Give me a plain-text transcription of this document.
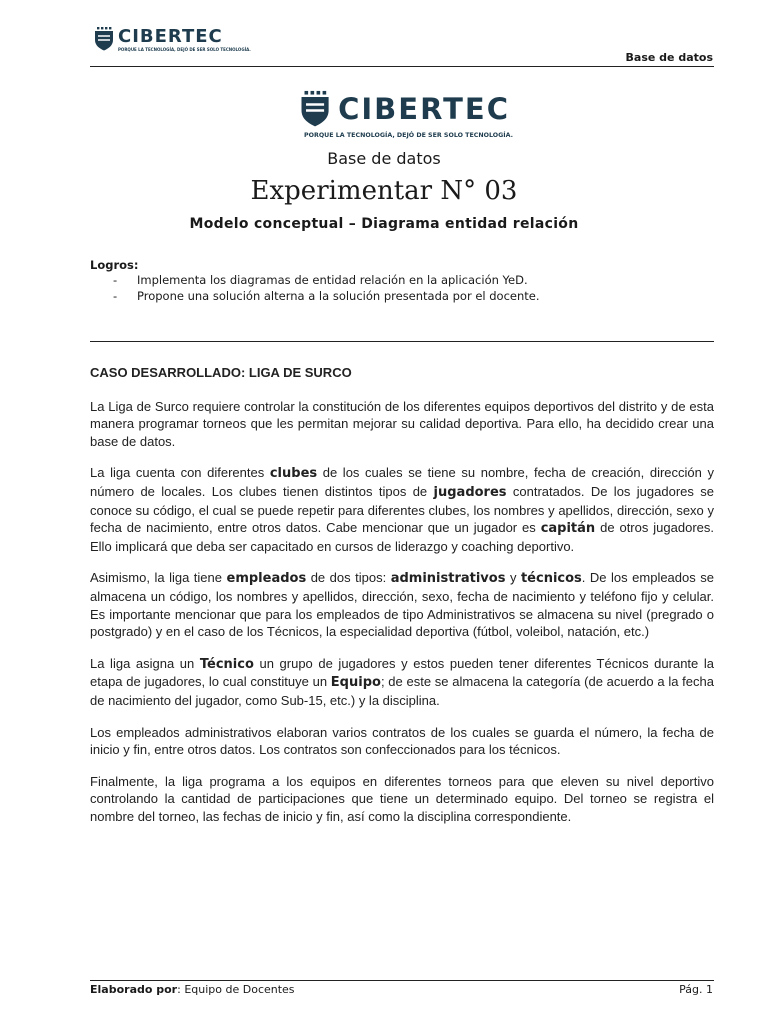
CIBERTEC
PORQUE LA TECNOLOGÍA, DEJÓ DE SER SOLO TECNOLOGÍA.
Base de datos
CIBERTEC
PORQUE LA TECNOLOGÍA, DEJÓ DE SER SOLO TECNOLOGÍA.
Base de datos
Experimentar N° 03
Modelo conceptual – Diagrama entidad relación
Logros:
- Implementa los diagramas de entidad relación en la aplicación YeD.
- Propone una solución alterna a la solución presentada por el docente.
CASO DESARROLLADO: LIGA DE SURCO

La Liga de Surco requiere controlar la constitución de los diferentes equipos deportivos del distrito y de esta manera programar torneos que les permitan mejorar su calidad deportiva. Para ello, ha decidido crear una base de datos.

La liga cuenta con diferentes clubes de los cuales se tiene su nombre, fecha de creación, dirección y número de locales. Los clubes tienen distintos tipos de jugadores contratados. De los jugadores se conoce su código, el cual se puede repetir para diferentes clubes, los nombres y apellidos, dirección, sexo y fecha de nacimiento, entre otros datos. Cabe mencionar que un jugador es capitán de otros jugadores. Ello implicará que deba ser capacitado en cursos de liderazgo y coaching deportivo.

Asimismo, la liga tiene empleados de dos tipos: administrativos y técnicos. De los empleados se almacena un código, los nombres y apellidos, dirección, sexo, fecha de nacimiento y teléfono fijo y celular. Es importante mencionar que para los empleados de tipo Administrativos se almacena su nivel (pregrado o postgrado) y en el caso de los Técnicos, la especialidad deportiva (fútbol, voleibol, natación, etc.)

La liga asigna un Técnico un grupo de jugadores y estos pueden tener diferentes Técnicos durante la etapa de jugadores, lo cual constituye un Equipo; de este se almacena la categoría (de acuerdo a la fecha de nacimiento del jugador, como Sub-15, etc.) y la disciplina.

Los empleados administrativos elaboran varios contratos de los cuales se guarda el número, la fecha de inicio y fin, entre otros datos. Los contratos son confeccionados para los técnicos.

Finalmente, la liga programa a los equipos en diferentes torneos para que eleven su nivel deportivo controlando la cantidad de participaciones que tiene un determinado equipo. Del torneo se registra el nombre del torneo, las fechas de inicio y fin, así como la disciplina correspondiente.

Elaborado por: Equipo de Docentes	Pág. 1
